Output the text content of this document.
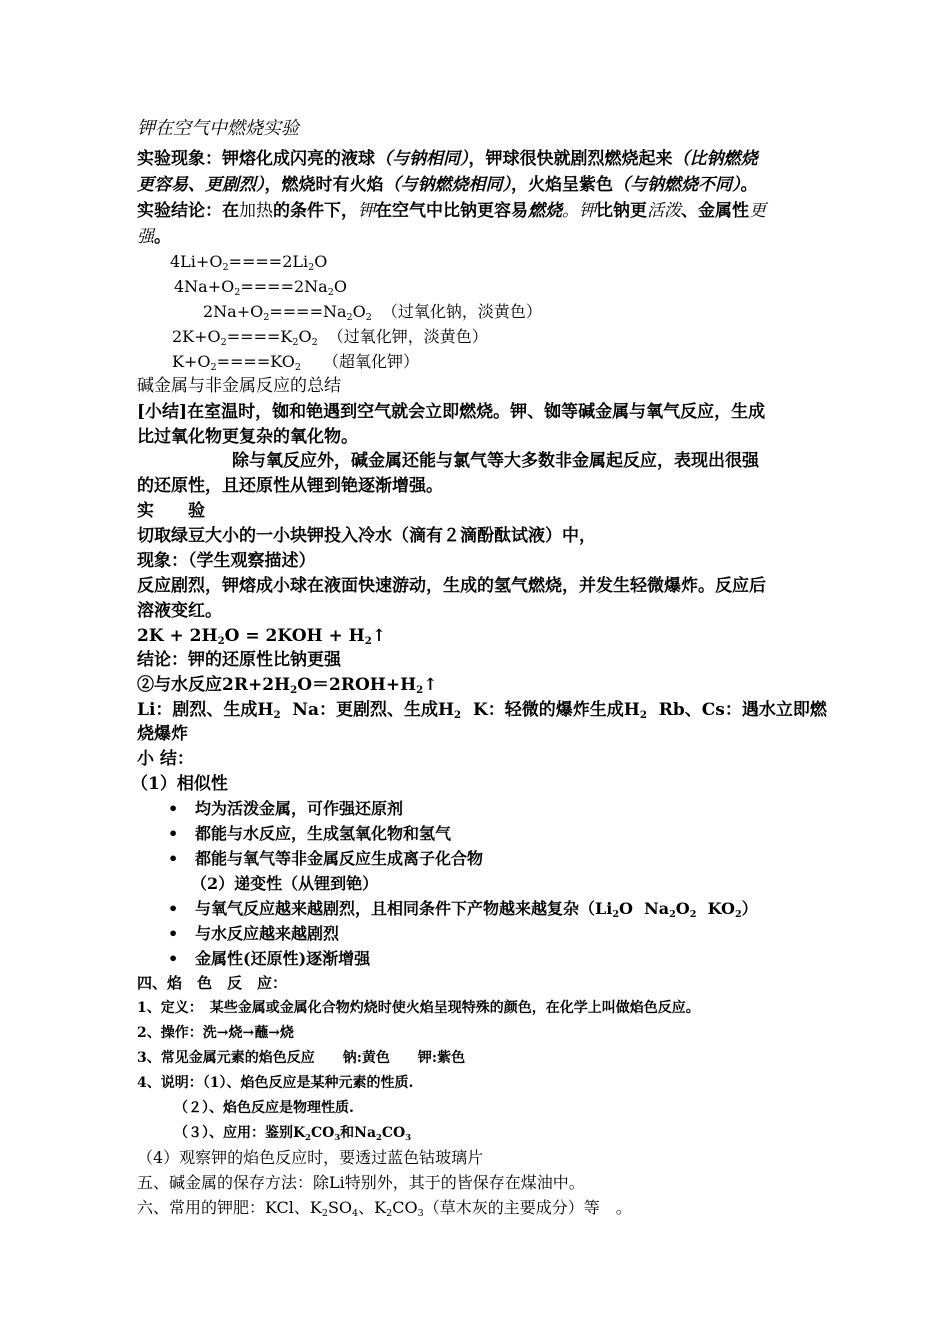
钾在空气中燃烧实验
实验现象：钾熔化成闪亮的液球（与钠相同），钾球很快就剧烈燃烧起来（比钠燃烧
更容易、更剧烈），燃烧时有火焰（与钠燃烧相同），火焰呈紫色（与钠燃烧不同）。
实验结论：在加热的条件下，钾在空气中比钠更容易燃烧。钾比钠更活泼、金属性更
强。
$4Li+O_2====2Li_2O$
$4Na+O_2====2Na_2O$
$2Na+O_2====Na_2O_2$ （过氧化钠，淡黄色）
$2K+O_2====K_2O_2$ （过氧化钾，淡黄色）
$K+O_2====KO_2$ （超氧化钾）
碱金属与非金属反应的总结
[小结]在室温时，铷和铯遇到空气就会立即燃烧。钾、铷等碱金属与氧气反应，生成
比过氧化物更复杂的氧化物。
除与氧反应外，碱金属还能与氯气等大多数非金属起反应，表现出很强
的还原性，且还原性从锂到铯逐渐增强。
实　　验
切取绿豆大小的一小块钾投入冷水（滴有２滴酚酞试液）中，
现象：（学生观察描述）
反应剧烈，钾熔成小球在液面快速游动，生成的氢气燃烧，并发生轻微爆炸。反应后
溶液变红。
$2K + 2H_2O = 2KOH$ + $H_2↑$
结论：钾的还原性比钠更强
②与水反应$2R+2H_2O=2ROH+H_2↑$
Li：剧烈、生成$H_2$  Na：更剧烈、生成$H_2$  K：轻微的爆炸生成$H_2$  Rb、Cs：遇水立即燃
烧爆炸
小 结：
（1）相似性
• 均为活泼金属，可作强还原剂
• 都能与水反应，生成氢氧化物和氢气
• 都能与氧气等非金属反应生成离子化合物
（2）递变性（从锂到铯）
• 与氧气反应越来越剧烈，且相同条件下产物越来越复杂（$Li_2O$  $Na_2O_2$  $KO_2$）
• 与水反应越来越剧烈
• 金属性(还原性)逐渐增强
四、焰　色　反　应：
1、定义：　某些金属或金属化合物灼烧时使火焰呈现特殊的颜色，在化学上叫做焰色反应。
2、操作：洗→烧→蘸→烧
3、常见金属元素的焰色反应　　钠:黄色　　钾:紫色
4、说明：（1）、焰色反应是某种元素的性质.
（２）、焰色反应是物理性质.
（３）、应用：鉴别$K_2CO_3$和$Na_2CO_3$
（4）观察钾的焰色反应时，要透过蓝色钴玻璃片
五、碱金属的保存方法：除Li特别外，其于的皆保存在煤油中。
六、常用的钾肥：KCl、$K_2SO_4$、$K_2CO_3$（草木灰的主要成分）等　。
